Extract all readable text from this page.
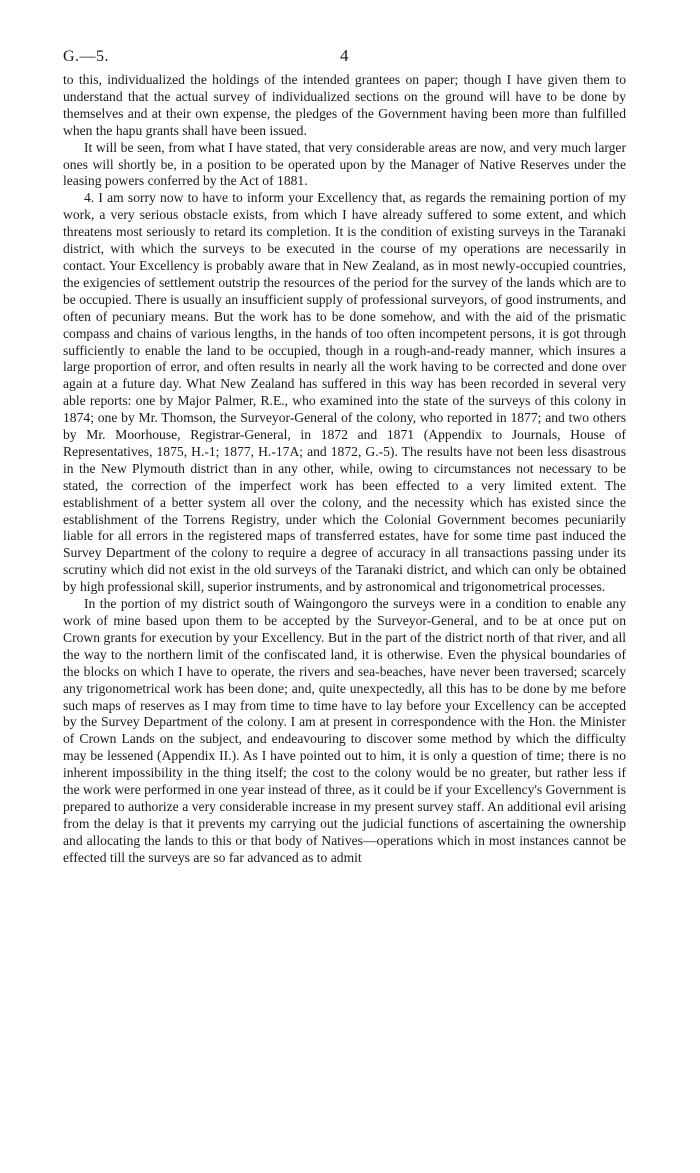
G.—5.	4

to this, individualized the holdings of the intended grantees on paper; though I have given them to understand that the actual survey of individualized sections on the ground will have to be done by themselves and at their own expense, the pledges of the Government having been more than fulfilled when the hapu grants shall have been issued.

It will be seen, from what I have stated, that very considerable areas are now, and very much larger ones will shortly be, in a position to be operated upon by the Manager of Native Reserves under the leasing powers conferred by the Act of 1881.

4. I am sorry now to have to inform your Excellency that, as regards the remaining portion of my work, a very serious obstacle exists, from which I have already suffered to some extent, and which threatens most seriously to retard its completion. It is the condition of existing surveys in the Taranaki district, with which the surveys to be executed in the course of my operations are necessarily in contact. Your Excellency is probably aware that in New Zealand, as in most newly-occupied countries, the exigencies of settlement outstrip the resources of the period for the survey of the lands which are to be occupied. There is usually an insufficient supply of professional surveyors, of good instruments, and often of pecuniary means. But the work has to be done somehow, and with the aid of the prismatic compass and chains of various lengths, in the hands of too often incompetent persons, it is got through sufficiently to enable the land to be occupied, though in a rough-and-ready manner, which insures a large proportion of error, and often results in nearly all the work having to be corrected and done over again at a future day. What New Zealand has suffered in this way has been recorded in several very able reports: one by Major Palmer, R.E., who examined into the state of the surveys of this colony in 1874; one by Mr. Thomson, the Surveyor-General of the colony, who reported in 1877; and two others by Mr. Moorhouse, Registrar-General, in 1872 and 1871 (Appendix to Journals, House of Representatives, 1875, H.-1; 1877, H.-17A; and 1872, G.-5). The results have not been less disastrous in the New Plymouth district than in any other, while, owing to circumstances not necessary to be stated, the correction of the imperfect work has been effected to a very limited extent. The establishment of a better system all over the colony, and the necessity which has existed since the establishment of the Torrens Registry, under which the Colonial Government becomes pecuniarily liable for all errors in the registered maps of transferred estates, have for some time past induced the Survey Department of the colony to require a degree of accuracy in all transactions passing under its scrutiny which did not exist in the old surveys of the Taranaki district, and which can only be obtained by high professional skill, superior instruments, and by astronomical and trigonometrical processes.

In the portion of my district south of Waingongoro the surveys were in a condition to enable any work of mine based upon them to be accepted by the Surveyor-General, and to be at once put on Crown grants for execution by your Excellency. But in the part of the district north of that river, and all the way to the northern limit of the confiscated land, it is otherwise. Even the physical boundaries of the blocks on which I have to operate, the rivers and sea-beaches, have never been traversed; scarcely any trigonometrical work has been done; and, quite unexpectedly, all this has to be done by me before such maps of reserves as I may from time to time have to lay before your Excellency can be accepted by the Survey Department of the colony. I am at present in correspondence with the Hon. the Minister of Crown Lands on the subject, and endeavouring to discover some method by which the difficulty may be lessened (Appendix II.). As I have pointed out to him, it is only a question of time; there is no inherent impossibility in the thing itself; the cost to the colony would be no greater, but rather less if the work were performed in one year instead of three, as it could be if your Excellency's Government is prepared to authorize a very considerable increase in my present survey staff. An additional evil arising from the delay is that it prevents my carrying out the judicial functions of ascertaining the ownership and allocating the lands to this or that body of Natives—operations which in most instances cannot be effected till the surveys are so far advanced as to admit
